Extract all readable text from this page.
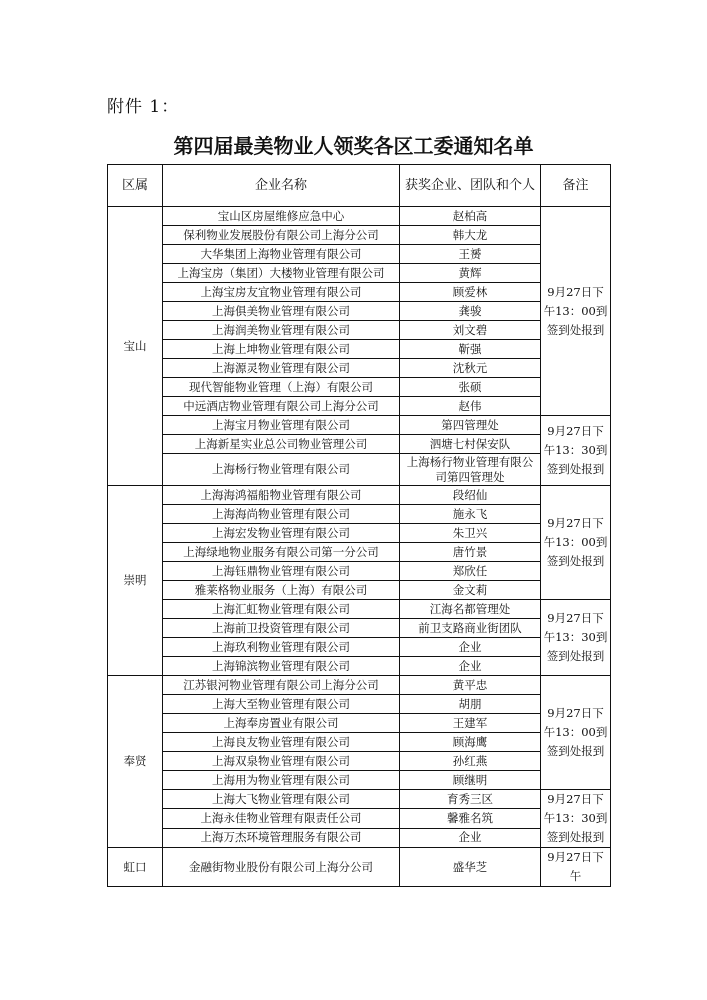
附件 1：
第四届最美物业人领奖各区工委通知名单
区属	企业名称	获奖企业、团队和个人	备注
宝山	宝山区房屋维修应急中心	赵柏高	9月27日下午13：00到签到处报到
	保利物业发展股份有限公司上海分公司	韩大龙	
	大华集团上海物业管理有限公司	王赟	
	上海宝房（集团）大楼物业管理有限公司	黄辉	
	上海宝房友宜物业管理有限公司	顾爱林	
	上海俱美物业管理有限公司	龚骏	
	上海润美物业管理有限公司	刘文碧	
	上海上坤物业管理有限公司	靳强	
	上海源灵物业管理有限公司	沈秋元	
	现代智能物业管理（上海）有限公司	张硕	
	中远酒店物业管理有限公司上海分公司	赵伟	
	上海宝月物业管理有限公司	第四管理处	9月27日下午13：30到签到处报到
	上海新星实业总公司物业管理公司	泗塘七村保安队	
	上海杨行物业管理有限公司	上海杨行物业管理有限公司第四管理处	
崇明	上海海鸿福船物业管理有限公司	段绍仙	9月27日下午13：00到签到处报到
	上海海尚物业管理有限公司	施永飞	
	上海宏发物业管理有限公司	朱卫兴	
	上海绿地物业服务有限公司第一分公司	唐竹景	
	上海钰鼎物业管理有限公司	郑欣任	
	雅莱格物业服务（上海）有限公司	金文莉	
	上海汇虹物业管理有限公司	江海名都管理处	9月27日下午13：30到签到处报到
	上海前卫投资管理有限公司	前卫支路商业街团队	
	上海玖利物业管理有限公司	企业	
	上海锦滨物业管理有限公司	企业	
奉贤	江苏银河物业管理有限公司上海分公司	黄平忠	9月27日下午13：00到签到处报到
	上海大至物业管理有限公司	胡朋	
	上海奉房置业有限公司	王建军	
	上海良友物业管理有限公司	顾海鹰	
	上海双泉物业管理有限公司	孙红燕	
	上海用为物业管理有限公司	顾继明	
	上海大飞物业管理有限公司	育秀三区	9月27日下午13：30到签到处报到
	上海永佳物业管理有限责任公司	馨雅名筑	
	上海万杰环境管理服务有限公司	企业	
虹口	金融街物业股份有限公司上海分公司	盛华芝	9月27日下午
